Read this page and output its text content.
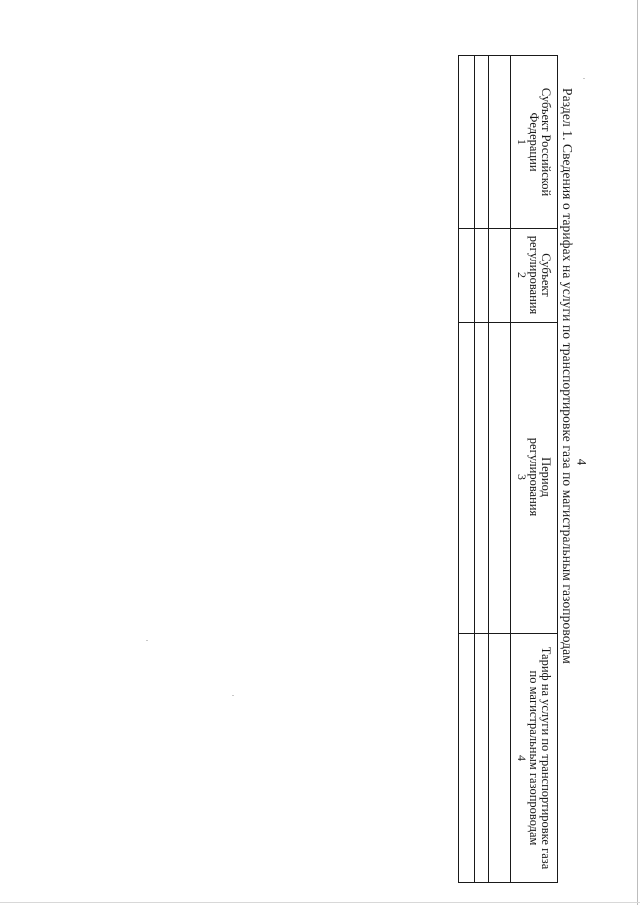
4
Раздел 1. Сведения о тарифах на услуги по транспортировке газа по магистральным газопроводам
Субъект Российской
Федерации
1
Субъект
регулирования
2
Период
регулирования
3
Тариф на услуги по транспортировке газа
по магистральным газопроводам
4
